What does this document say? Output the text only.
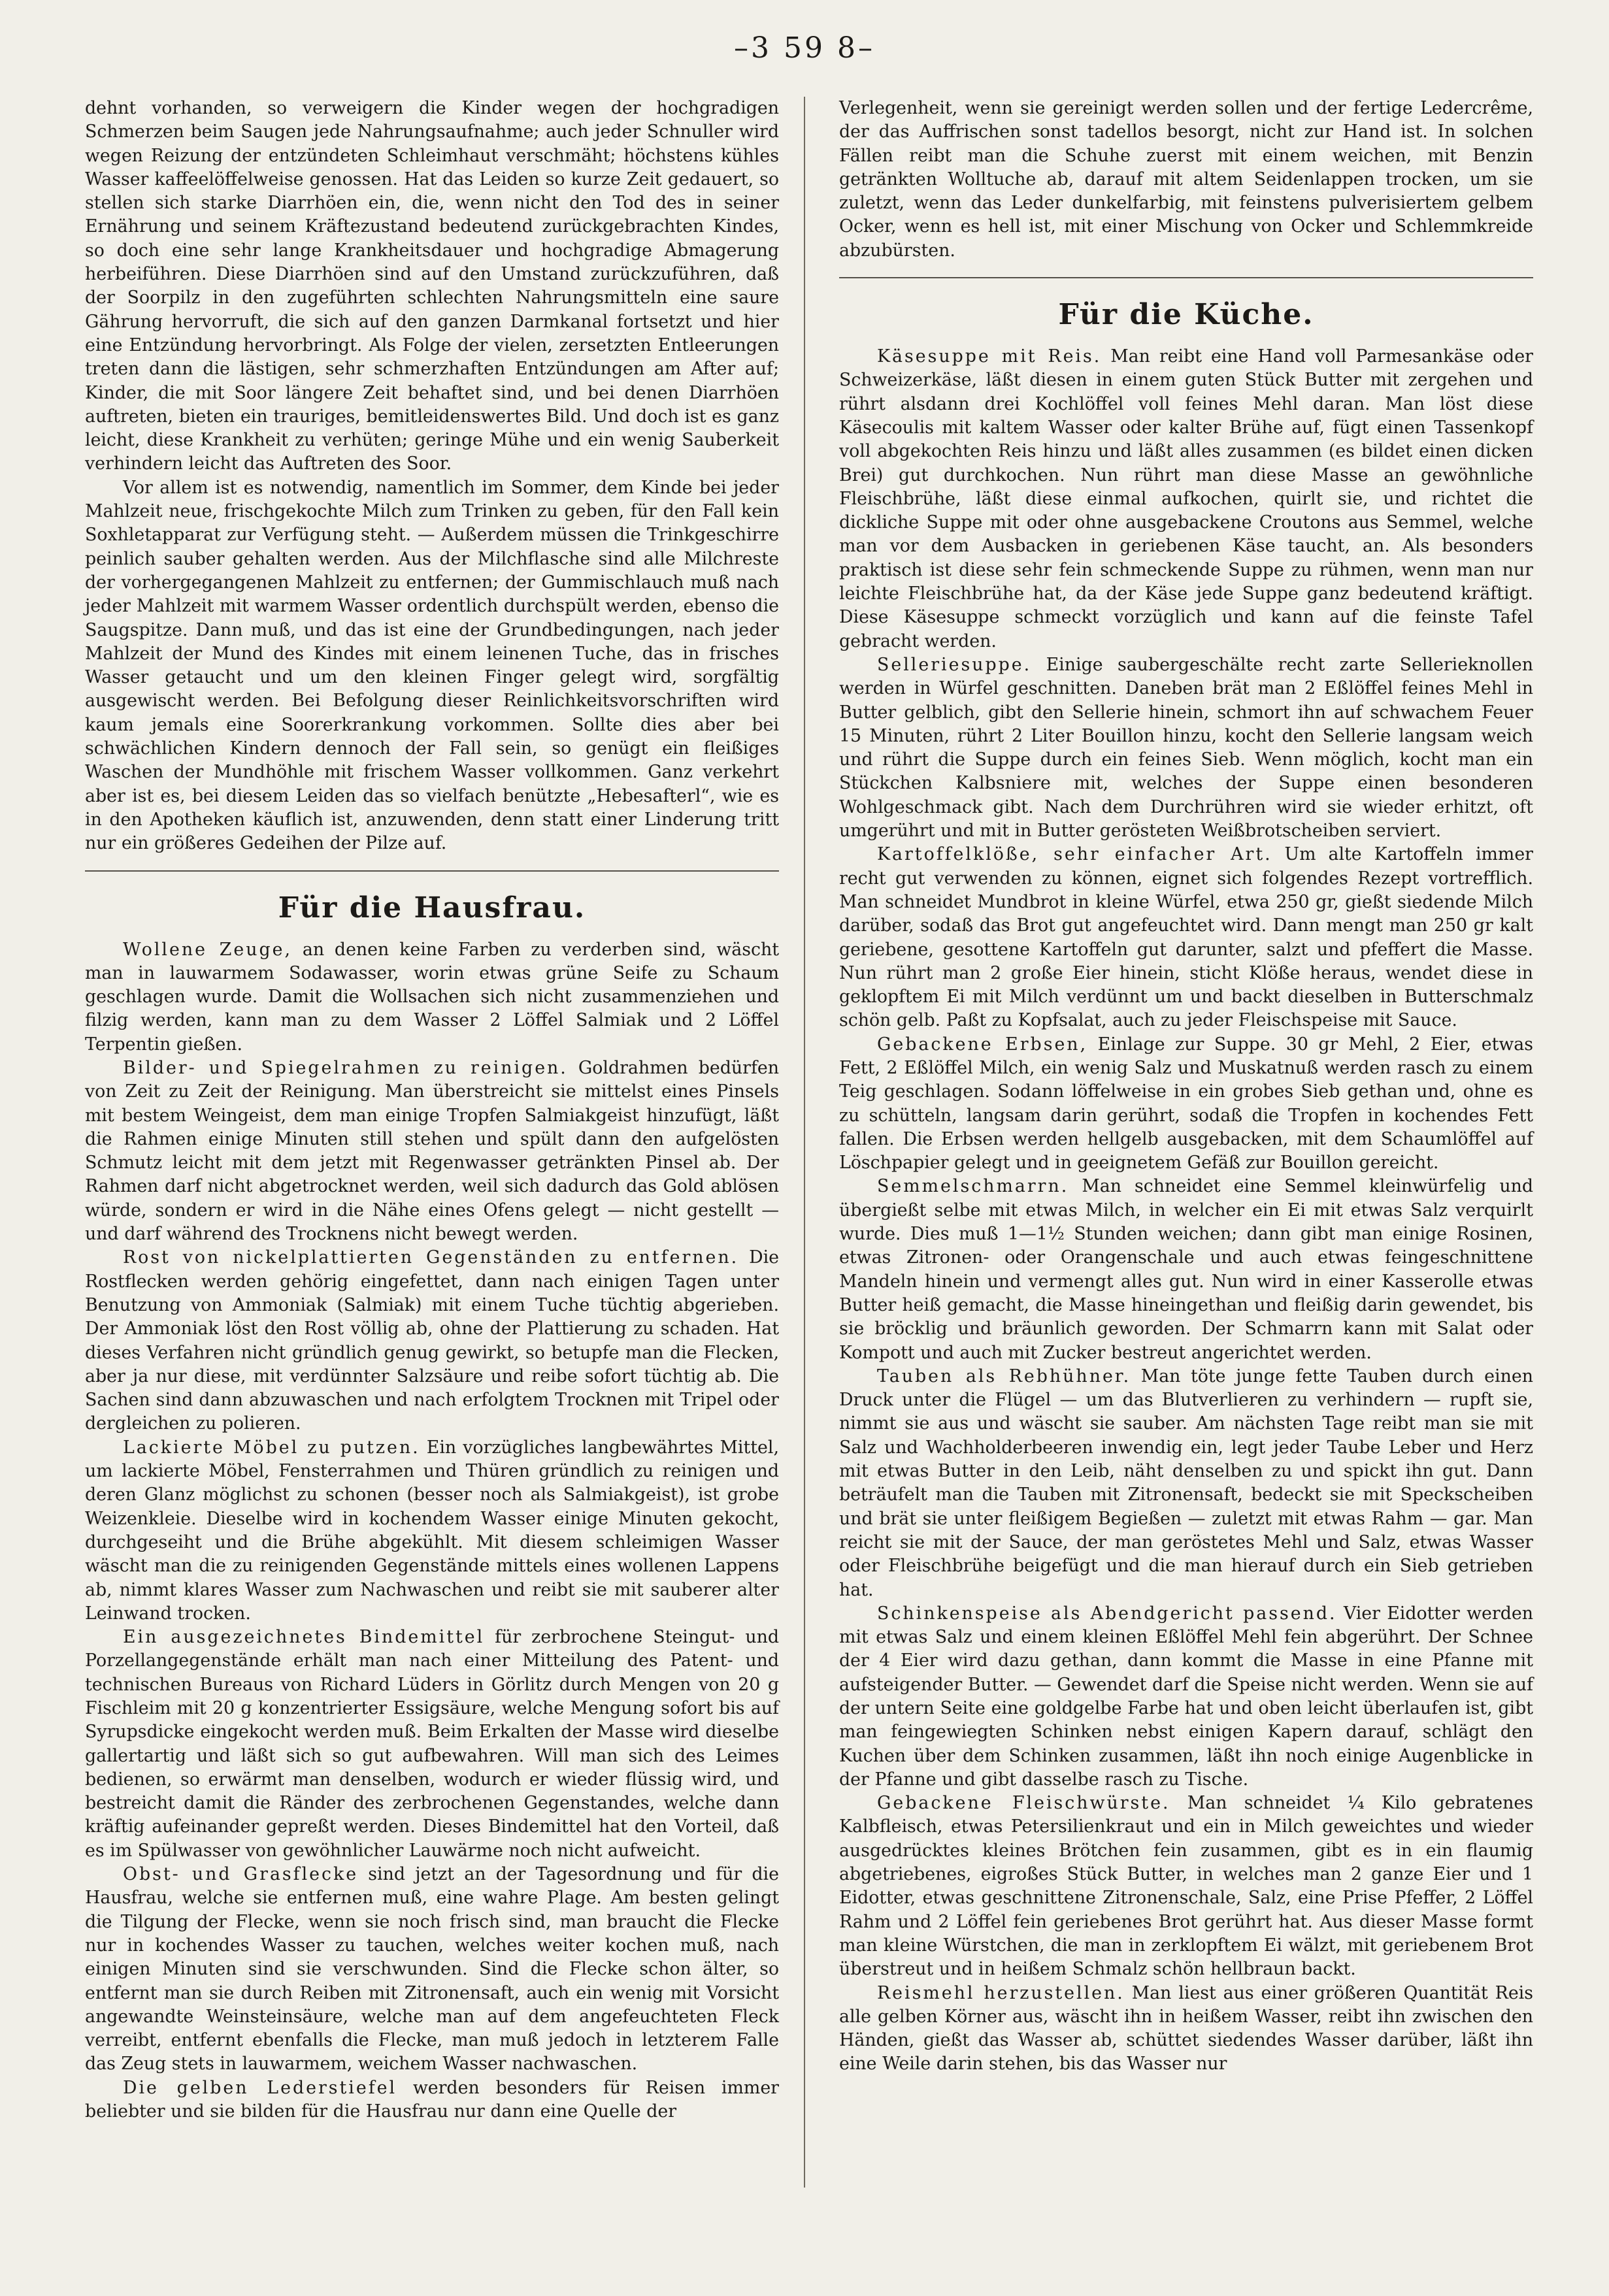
–3 59 8–

dehnt vorhanden, so verweigern die Kinder wegen der hochgradigen Schmerzen beim Saugen jede Nahrungsaufnahme; auch jeder Schnuller wird wegen Reizung der entzündeten Schleimhaut verschmäht; höchstens kühles Wasser kaffeelöffelweise genossen. Hat das Leiden so kurze Zeit gedauert, so stellen sich starke Diarrhöen ein, die, wenn nicht den Tod des in seiner Ernährung und seinem Kräftezustand bedeutend zurückgebrachten Kindes, so doch eine sehr lange Krankheitsdauer und hochgradige Abmagerung herbeiführen. Diese Diarrhöen sind auf den Umstand zurückzuführen, daß der Soorpilz in den zugeführten schlechten Nahrungsmitteln eine saure Gährung hervorruft, die sich auf den ganzen Darmkanal fortsetzt und hier eine Entzündung hervorbringt. Als Folge der vielen, zersetzten Entleerungen treten dann die lästigen, sehr schmerzhaften Entzündungen am After auf; Kinder, die mit Soor längere Zeit behaftet sind, und bei denen Diarrhöen auftreten, bieten ein trauriges, bemitleidenswertes Bild. Und doch ist es ganz leicht, diese Krankheit zu verhüten; geringe Mühe und ein wenig Sauberkeit verhindern leicht das Auftreten des Soor.

Vor allem ist es notwendig, namentlich im Sommer, dem Kinde bei jeder Mahlzeit neue, frischgekochte Milch zum Trinken zu geben, für den Fall kein Soxhletapparat zur Verfügung steht. — Außerdem müssen die Trinkgeschirre peinlich sauber gehalten werden. Aus der Milchflasche sind alle Milchreste der vorhergegangenen Mahlzeit zu entfernen; der Gummischlauch muß nach jeder Mahlzeit mit warmem Wasser ordentlich durchspült werden, ebenso die Saugspitze. Dann muß, und das ist eine der Grundbedingungen, nach jeder Mahlzeit der Mund des Kindes mit einem leinenen Tuche, das in frisches Wasser getaucht und um den kleinen Finger gelegt wird, sorgfältig ausgewischt werden. Bei Befolgung dieser Reinlichkeitsvorschriften wird kaum jemals eine Soorerkrankung vorkommen. Sollte dies aber bei schwächlichen Kindern dennoch der Fall sein, so genügt ein fleißiges Waschen der Mundhöhle mit frischem Wasser vollkommen. Ganz verkehrt aber ist es, bei diesem Leiden das so vielfach benützte „Hebesafterl“, wie es in den Apotheken käuflich ist, anzuwenden, denn statt einer Linderung tritt nur ein größeres Gedeihen der Pilze auf.

Für die Hausfrau.

Wollene Zeuge, an denen keine Farben zu verderben sind, wäscht man in lauwarmem Sodawasser, worin etwas grüne Seife zu Schaum geschlagen wurde. Damit die Wollsachen sich nicht zusammenziehen und filzig werden, kann man zu dem Wasser 2 Löffel Salmiak und 2 Löffel Terpentin gießen.

Bilder- und Spiegelrahmen zu reinigen. Goldrahmen bedürfen von Zeit zu Zeit der Reinigung. Man überstreicht sie mittelst eines Pinsels mit bestem Weingeist, dem man einige Tropfen Salmiakgeist hinzufügt, läßt die Rahmen einige Minuten still stehen und spült dann den aufgelösten Schmutz leicht mit dem jetzt mit Regenwasser getränkten Pinsel ab. Der Rahmen darf nicht abgetrocknet werden, weil sich dadurch das Gold ablösen würde, sondern er wird in die Nähe eines Ofens gelegt — nicht gestellt — und darf während des Trocknens nicht bewegt werden.

Rost von nickelplattierten Gegenständen zu entfernen. Die Rostflecken werden gehörig eingefettet, dann nach einigen Tagen unter Benutzung von Ammoniak (Salmiak) mit einem Tuche tüchtig abgerieben. Der Ammoniak löst den Rost völlig ab, ohne der Plattierung zu schaden. Hat dieses Verfahren nicht gründlich genug gewirkt, so betupfe man die Flecken, aber ja nur diese, mit verdünnter Salzsäure und reibe sofort tüchtig ab. Die Sachen sind dann abzuwaschen und nach erfolgtem Trocknen mit Tripel oder dergleichen zu polieren.

Lackierte Möbel zu putzen. Ein vorzügliches langbewährtes Mittel, um lackierte Möbel, Fensterrahmen und Thüren gründlich zu reinigen und deren Glanz möglichst zu schonen (besser noch als Salmiakgeist), ist grobe Weizenkleie. Dieselbe wird in kochendem Wasser einige Minuten gekocht, durchgeseiht und die Brühe abgekühlt. Mit diesem schleimigen Wasser wäscht man die zu reinigenden Gegenstände mittels eines wollenen Lappens ab, nimmt klares Wasser zum Nachwaschen und reibt sie mit sauberer alter Leinwand trocken.

Ein ausgezeichnetes Bindemittel für zerbrochene Steingut- und Porzellangegenstände erhält man nach einer Mitteilung des Patent- und technischen Bureaus von Richard Lüders in Görlitz durch Mengen von 20 g Fischleim mit 20 g konzentrierter Essigsäure, welche Mengung sofort bis auf Syrupsdicke eingekocht werden muß. Beim Erkalten der Masse wird dieselbe gallertartig und läßt sich so gut aufbewahren. Will man sich des Leimes bedienen, so erwärmt man denselben, wodurch er wieder flüssig wird, und bestreicht damit die Ränder des zerbrochenen Gegenstandes, welche dann kräftig aufeinander gepreßt werden. Dieses Bindemittel hat den Vorteil, daß es im Spülwasser von gewöhnlicher Lauwärme noch nicht aufweicht.

Obst- und Grasflecke sind jetzt an der Tagesordnung und für die Hausfrau, welche sie entfernen muß, eine wahre Plage. Am besten gelingt die Tilgung der Flecke, wenn sie noch frisch sind, man braucht die Flecke nur in kochendes Wasser zu tauchen, welches weiter kochen muß, nach einigen Minuten sind sie verschwunden. Sind die Flecke schon älter, so entfernt man sie durch Reiben mit Zitronensaft, auch ein wenig mit Vorsicht angewandte Weinsteinsäure, welche man auf dem angefeuchteten Fleck verreibt, entfernt ebenfalls die Flecke, man muß jedoch in letzterem Falle das Zeug stets in lauwarmem, weichem Wasser nachwaschen.

Die gelben Lederstiefel werden besonders für Reisen immer beliebter und sie bilden für die Hausfrau nur dann eine Quelle der

Verlegenheit, wenn sie gereinigt werden sollen und der fertige Ledercrême, der das Auffrischen sonst tadellos besorgt, nicht zur Hand ist. In solchen Fällen reibt man die Schuhe zuerst mit einem weichen, mit Benzin getränkten Wolltuche ab, darauf mit altem Seidenlappen trocken, um sie zuletzt, wenn das Leder dunkelfarbig, mit feinstens pulverisiertem gelbem Ocker, wenn es hell ist, mit einer Mischung von Ocker und Schlemmkreide abzubürsten.

Für die Küche.

Käsesuppe mit Reis. Man reibt eine Hand voll Parmesankäse oder Schweizerkäse, läßt diesen in einem guten Stück Butter mit zergehen und rührt alsdann drei Kochlöffel voll feines Mehl daran. Man löst diese Käsecoulis mit kaltem Wasser oder kalter Brühe auf, fügt einen Tassenkopf voll abgekochten Reis hinzu und läßt alles zusammen (es bildet einen dicken Brei) gut durchkochen. Nun rührt man diese Masse an gewöhnliche Fleischbrühe, läßt diese einmal aufkochen, quirlt sie, und richtet die dickliche Suppe mit oder ohne ausgebackene Croutons aus Semmel, welche man vor dem Ausbacken in geriebenen Käse taucht, an. Als besonders praktisch ist diese sehr fein schmeckende Suppe zu rühmen, wenn man nur leichte Fleischbrühe hat, da der Käse jede Suppe ganz bedeutend kräftigt. Diese Käsesuppe schmeckt vorzüglich und kann auf die feinste Tafel gebracht werden.

Selleriesuppe. Einige saubergeschälte recht zarte Sellerieknollen werden in Würfel geschnitten. Daneben brät man 2 Eßlöffel feines Mehl in Butter gelblich, gibt den Sellerie hinein, schmort ihn auf schwachem Feuer 15 Minuten, rührt 2 Liter Bouillon hinzu, kocht den Sellerie langsam weich und rührt die Suppe durch ein feines Sieb. Wenn möglich, kocht man ein Stückchen Kalbsniere mit, welches der Suppe einen besonderen Wohlgeschmack gibt. Nach dem Durchrühren wird sie wieder erhitzt, oft umgerührt und mit in Butter gerösteten Weißbrotscheiben serviert.

Kartoffelklöße, sehr einfacher Art. Um alte Kartoffeln immer recht gut verwenden zu können, eignet sich folgendes Rezept vortrefflich. Man schneidet Mundbrot in kleine Würfel, etwa 250 gr, gießt siedende Milch darüber, sodaß das Brot gut angefeuchtet wird. Dann mengt man 250 gr kalt geriebene, gesottene Kartoffeln gut darunter, salzt und pfeffert die Masse. Nun rührt man 2 große Eier hinein, sticht Klöße heraus, wendet diese in geklopftem Ei mit Milch verdünnt um und backt dieselben in Butterschmalz schön gelb. Paßt zu Kopfsalat, auch zu jeder Fleischspeise mit Sauce.

Gebackene Erbsen, Einlage zur Suppe. 30 gr Mehl, 2 Eier, etwas Fett, 2 Eßlöffel Milch, ein wenig Salz und Muskatnuß werden rasch zu einem Teig geschlagen. Sodann löffelweise in ein grobes Sieb gethan und, ohne es zu schütteln, langsam darin gerührt, sodaß die Tropfen in kochendes Fett fallen. Die Erbsen werden hellgelb ausgebacken, mit dem Schaumlöffel auf Löschpapier gelegt und in geeignetem Gefäß zur Bouillon gereicht.

Semmelschmarrn. Man schneidet eine Semmel kleinwürfelig und übergießt selbe mit etwas Milch, in welcher ein Ei mit etwas Salz verquirlt wurde. Dies muß 1—1½ Stunden weichen; dann gibt man einige Rosinen, etwas Zitronen- oder Orangenschale und auch etwas feingeschnittene Mandeln hinein und vermengt alles gut. Nun wird in einer Kasserolle etwas Butter heiß gemacht, die Masse hineingethan und fleißig darin gewendet, bis sie bröcklig und bräunlich geworden. Der Schmarrn kann mit Salat oder Kompott und auch mit Zucker bestreut angerichtet werden.

Tauben als Rebhühner. Man töte junge fette Tauben durch einen Druck unter die Flügel — um das Blutverlieren zu verhindern — rupft sie, nimmt sie aus und wäscht sie sauber. Am nächsten Tage reibt man sie mit Salz und Wachholderbeeren inwendig ein, legt jeder Taube Leber und Herz mit etwas Butter in den Leib, näht denselben zu und spickt ihn gut. Dann beträufelt man die Tauben mit Zitronensaft, bedeckt sie mit Speckscheiben und brät sie unter fleißigem Begießen — zuletzt mit etwas Rahm — gar. Man reicht sie mit der Sauce, der man geröstetes Mehl und Salz, etwas Wasser oder Fleischbrühe beigefügt und die man hierauf durch ein Sieb getrieben hat.

Schinkenspeise als Abendgericht passend. Vier Eidotter werden mit etwas Salz und einem kleinen Eßlöffel Mehl fein abgerührt. Der Schnee der 4 Eier wird dazu gethan, dann kommt die Masse in eine Pfanne mit aufsteigender Butter. — Gewendet darf die Speise nicht werden. Wenn sie auf der untern Seite eine goldgelbe Farbe hat und oben leicht überlaufen ist, gibt man feingewiegten Schinken nebst einigen Kapern darauf, schlägt den Kuchen über dem Schinken zusammen, läßt ihn noch einige Augenblicke in der Pfanne und gibt dasselbe rasch zu Tische.

Gebackene Fleischwürste. Man schneidet ¼ Kilo gebratenes Kalbfleisch, etwas Petersilienkraut und ein in Milch geweichtes und wieder ausgedrücktes kleines Brötchen fein zusammen, gibt es in ein flaumig abgetriebenes, eigroßes Stück Butter, in welches man 2 ganze Eier und 1 Eidotter, etwas geschnittene Zitronenschale, Salz, eine Prise Pfeffer, 2 Löffel Rahm und 2 Löffel fein geriebenes Brot gerührt hat. Aus dieser Masse formt man kleine Würstchen, die man in zerklopftem Ei wälzt, mit geriebenem Brot überstreut und in heißem Schmalz schön hellbraun backt.

Reismehl herzustellen. Man liest aus einer größeren Quantität Reis alle gelben Körner aus, wäscht ihn in heißem Wasser, reibt ihn zwischen den Händen, gießt das Wasser ab, schüttet siedendes Wasser darüber, läßt ihn eine Weile darin stehen, bis das Wasser nur
